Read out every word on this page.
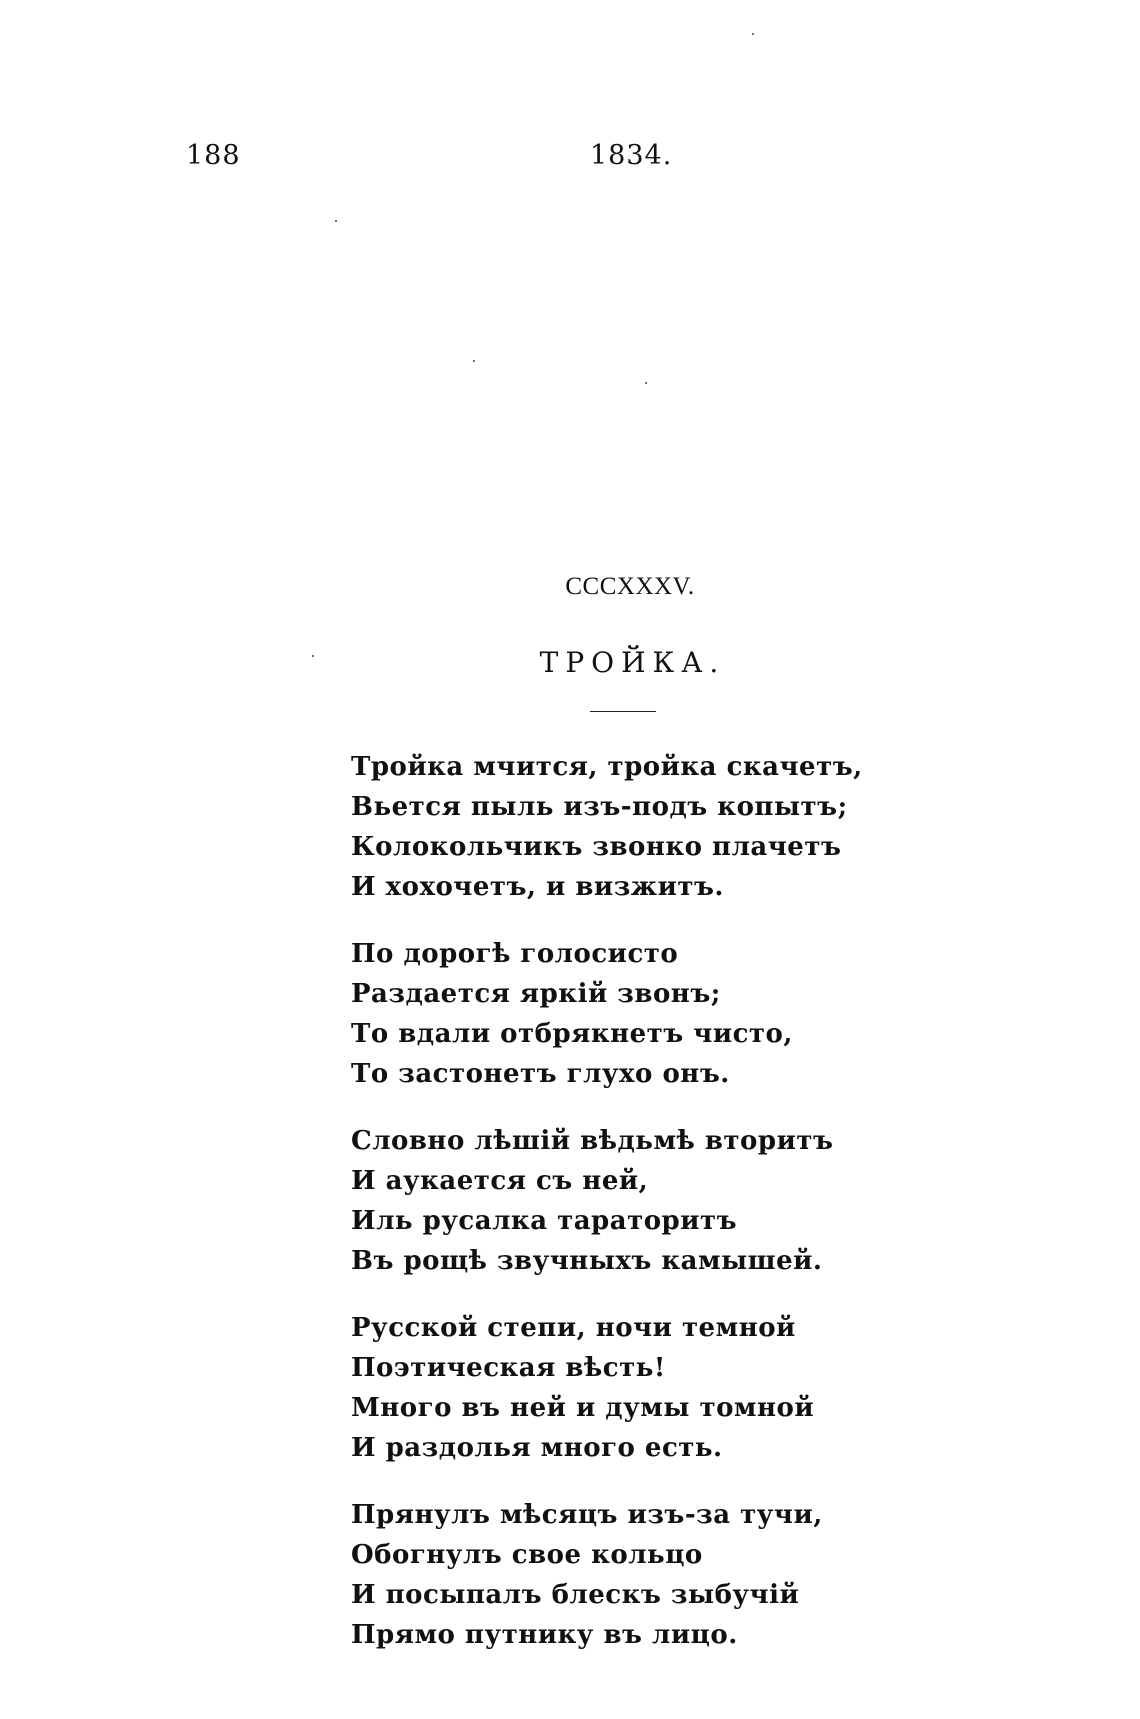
188	1834.
CCCXXXV.
ТРОЙКА.
Тройка мчится, тройка скачетъ,
Вьется пыль изъ-подъ копытъ;
Колокольчикъ звонко плачетъ
И хохочетъ, и визжитъ.
По дорогѣ голосисто
Раздается яркій звонъ;
То вдали отбрякнетъ чисто,
То застонетъ глухо онъ.
Словно лѣшій вѣдьмѣ вторитъ
И аукается съ ней,
Иль русалка тараторитъ
Въ рощѣ звучныхъ камышей.
Русской степи, ночи темной
Поэтическая вѣсть!
Много въ ней и думы томной
И раздолья много есть.
Прянулъ мѣсяцъ изъ-за тучи,
Обогнулъ свое кольцо
И посыпалъ блескъ зыбучій
Прямо путнику въ лицо.
